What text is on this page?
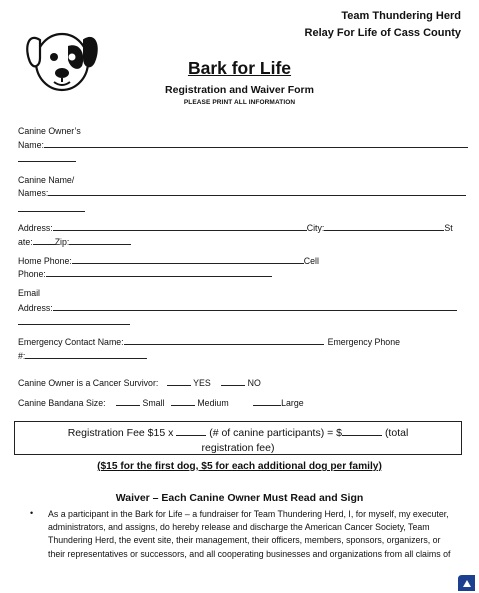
Team Thundering Herd
Relay For Life of Cass County
Bark for Life
Registration and Waiver Form
PLEASE PRINT ALL INFORMATION
Canine Owner’s
Name:
Canine Name/
Names:
Address:	City:	St
ate:	Zip:
Home Phone:	Cell
Phone:
Email
Address:
Emergency Contact Name:	Emergency Phone
#:
Canine Owner is a Cancer Survivor:	YES	NO
Canine Bandana Size:	Small	Medium	Large
Registration Fee $15 x	(# of canine participants) = $	(total
registration fee)
($15 for the first dog, $5 for each additional dog per family)
Waiver – Each Canine Owner Must Read and Sign
• As a participant in the Bark for Life – a fundraiser for Team Thundering Herd, I, for myself, my executer, administrators, and assigns, do hereby release and discharge the American Cancer Society, Team Thundering Herd, the event site, their management, their officers, members, sponsors, organizers, or their representatives or successors, and all cooperating businesses and organizations from all claims of
